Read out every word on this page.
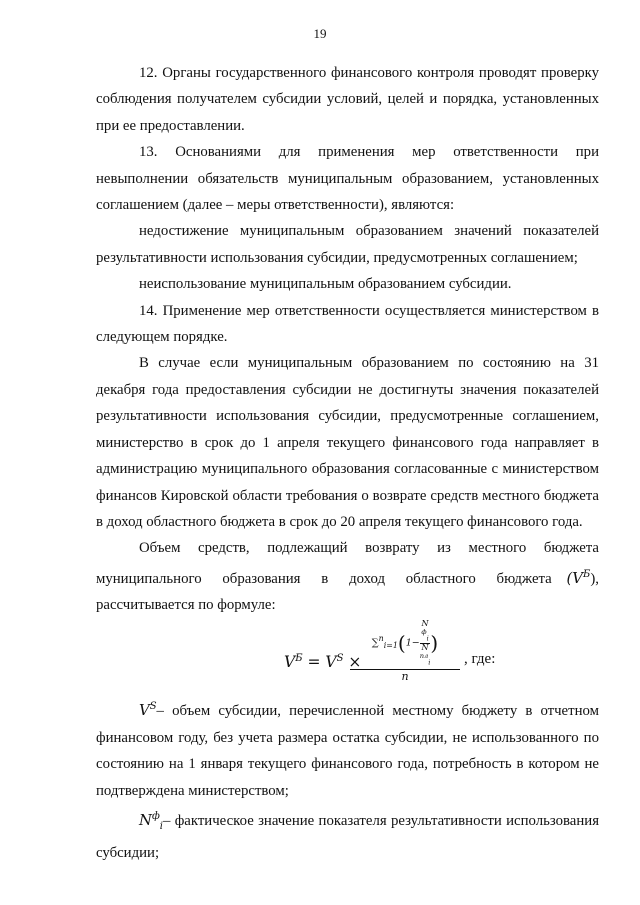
19

12. Органы государственного финансового контроля проводят проверку соблюдения получателем субсидии условий, целей и порядка, установленных при ее предоставлении.

13. Основаниями для применения мер ответственности при невыполнении обязательств муниципальным образованием, установленных соглашением (далее – меры ответственности), являются:

недостижение муниципальным образованием значений показателей результативности использования субсидии, предусмотренных соглашением;

неиспользование муниципальным образованием субсидии.

14. Применение мер ответственности осуществляется министерством в следующем порядке.

В случае если муниципальным образованием по состоянию на 31 декабря года предоставления субсидии не достигнуты значения показателей результативности использования субсидии, предусмотренные соглашением, министерство в срок до 1 апреля текущего финансового года направляет в администрацию муниципального образования согласованные с министерством финансов Кировской области требования о возврате средств местного бюджета в доход областного бюджета в срок до 20 апреля текущего финансового года.

Объем средств, подлежащий возврату из местного бюджета муниципального образования в доход областного бюджета  $(V^Б)$,

рассчитывается по формуле:

$V^Б = V^S$ ×
∑$^n_{i=1}$(1−
N
$^ф_i$
N
$^{пл}_i$
)
n
, где:

$V^S-$ объем субсидии, перечисленной местному бюджету в отчетном финансовом году, без учета размера остатка субсидии, не использованного по состоянию на 1 января текущего финансового года, потребность в котором не подтверждена министерством;

$N^ф_i-$ фактическое значение показателя результативности использования субсидии;
